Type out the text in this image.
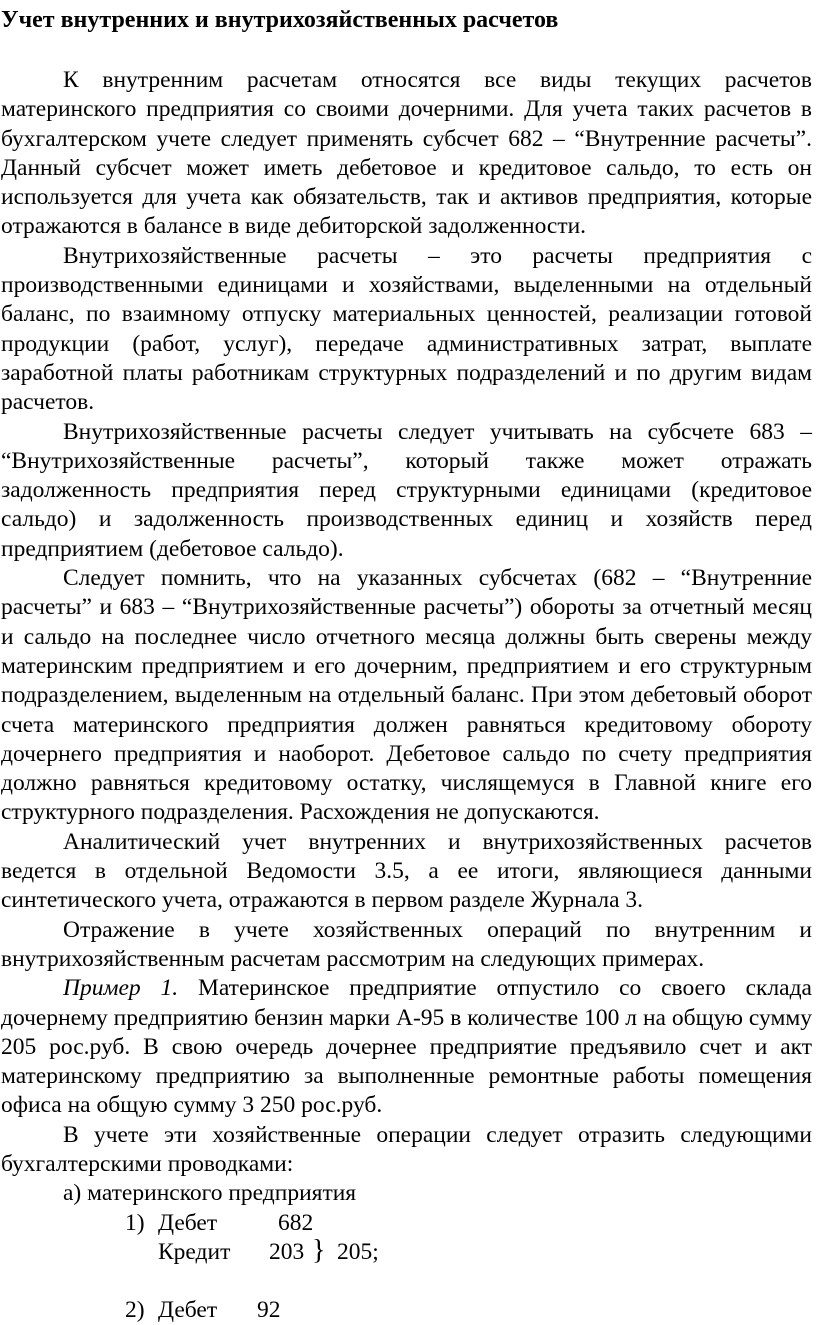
Учет внутренних и внутрихозяйственных расчетов

К внутренним расчетам относятся все виды текущих расчетов материнского предприятия со своими дочерними. Для учета таких расчетов в бухгалтерском учете следует применять субсчет 682 – “Внутренние расчеты”. Данный субсчет может иметь дебетовое и кредитовое сальдо, то есть он используется для учета как обязательств, так и активов предприятия, которые отражаются в балансе в виде дебиторской задолженности.

Внутрихозяйственные расчеты – это расчеты предприятия с производственными единицами и хозяйствами, выделенными на отдельный баланс, по взаимному отпуску материальных ценностей, реализации готовой продукции (работ, услуг), передаче административных затрат, выплате заработной платы работникам структурных подразделений и по другим видам расчетов.

Внутрихозяйственные расчеты следует учитывать на субсчете 683 – “Внутрихозяйственные расчеты”, который также может отражать задолженность предприятия перед структурными единицами (кредитовое сальдо) и задолженность производственных единиц и хозяйств перед предприятием (дебетовое сальдо).

Следует помнить, что на указанных субсчетах (682 – “Внутренние расчеты” и 683 – “Внутрихозяйственные расчеты”) обороты за отчетный месяц и сальдо на последнее число отчетного месяца должны быть сверены между материнским предприятием и его дочерним, предприятием и его структурным подразделением, выделенным на отдельный баланс. При этом дебетовый оборот счета материнского предприятия должен равняться кредитовому обороту дочернего предприятия и наоборот. Дебетовое сальдо по счету предприятия должно равняться кредитовому остатку, числящемуся в Главной книге его структурного подразделения. Расхождения не допускаются.

Аналитический учет внутренних и внутрихозяйственных расчетов ведется в отдельной Ведомости 3.5, а ее итоги, являющиеся данными синтетического учета, отражаются в первом разделе Журнала 3.

Отражение в учете хозяйственных операций по внутренним и внутрихозяйственным расчетам рассмотрим на следующих примерах.

Пример 1. Материнское предприятие отпустило со своего склада дочернему предприятию бензин марки А-95 в количестве 100 л на общую сумму 205 рос.руб. В свою очередь дочернее предприятие предъявило счет и акт материнскому предприятию за выполненные ремонтные работы помещения офиса на общую сумму 3 250 рос.руб.

В учете эти хозяйственные операции следует отразить следующими бухгалтерскими проводками:

а) материнского предприятия

1) Дебет	682
Кредит 203 } 205;
2) Дебет 92
